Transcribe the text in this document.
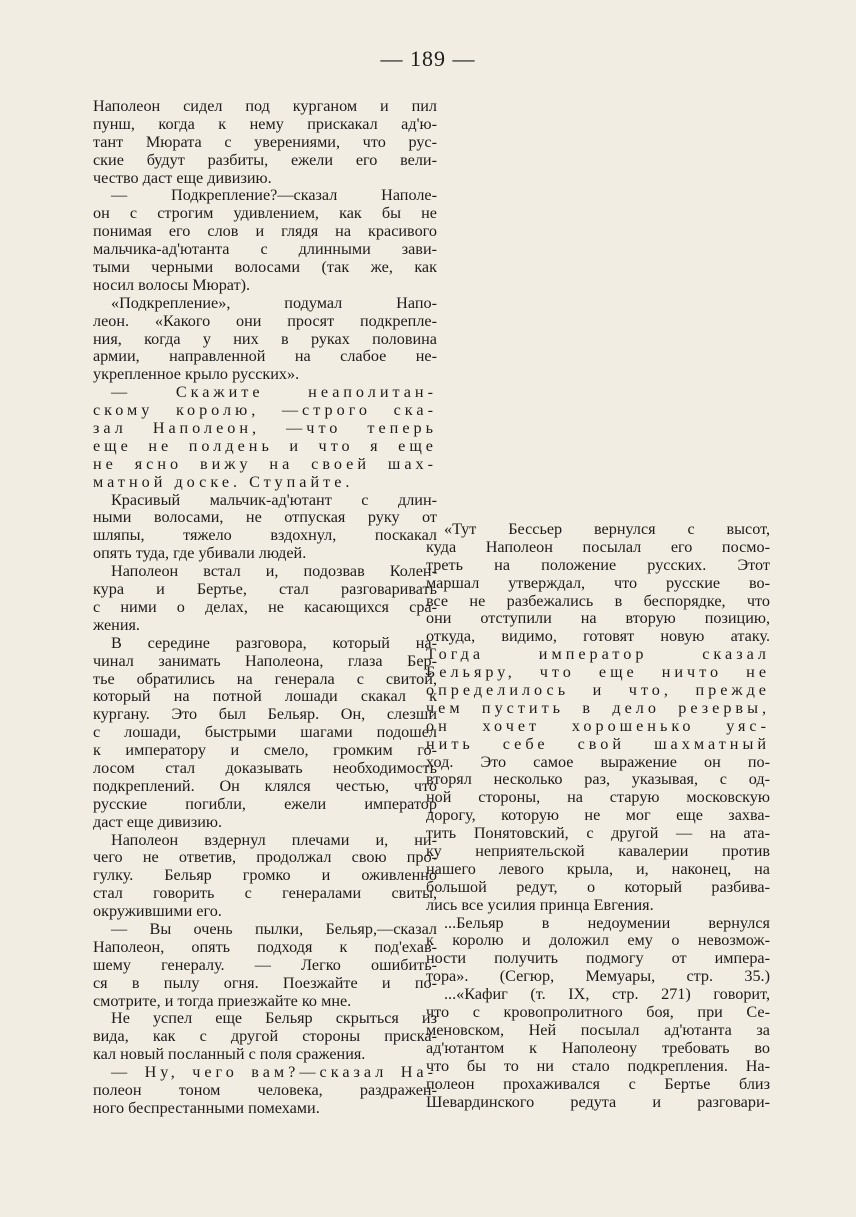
— 189 —
Наполеон сидел под курганом и пил
пунш, когда к нему прискакал ад'ю-
тант Мюрата с уверениями, что рус-
ские будут разбиты, ежели его вели-
чество даст еще дивизию.
— Подкрепление?—сказал Наполе-
он с строгим удивлением, как бы не
понимая его слов и глядя на красивого
мальчика-ад'ютанта с длинными зави-
тыми черными волосами (так же, как
носил волосы Мюрат).
«Подкрепление», подумал Напо-
леон. «Какого они просят подкрепле-
ния, когда у них в руках половина
армии, направленной на слабое не-
укрепленное крыло русских».
— Скажите неаполитан-
скому королю, —строго ска-
зал Наполеон, —что теперь
еще не полдень и что я еще
не ясно вижу на своей шах-
матной доске. Ступайте.
Красивый мальчик-ад'ютант с длин-
ными волосами, не отпуская руку от
шляпы, тяжело вздохнул, поскакал
опять туда, где убивали людей.
Наполеон встал и, подозвав Колен-
кура и Бертье, стал разговаривать
с ними о делах, не касающихся сра-
жения.
В середине разговора, который на-
чинал занимать Наполеона, глаза Бер-
тье обратились на генерала с свитой,
который на потной лошади скакал к
кургану. Это был Бельяр. Он, слезши
с лошади, быстрыми шагами подошел
к императору и смело, громким го-
лосом стал доказывать необходимость
подкреплений. Он клялся честью, что
русские погибли, ежели император
даст еще дивизию.
Наполеон вздернул плечами и, ни-
чего не ответив, продолжал свою про-
гулку. Бельяр громко и оживленно
стал говорить с генералами свиты,
окружившими его.
— Вы очень пылки, Бельяр,—сказал
Наполеон, опять подходя к под'ехав-
шему генералу. — Легко ошибить-
ся в пылу огня. Поезжайте и по-
смотрите, и тогда приезжайте ко мне.
Не успел еще Бельяр скрыться из
вида, как с другой стороны приска-
кал новый посланный с поля сражения.
— Ну, чего вам?—сказал На-
полеон тоном человека, раздражен-
ного беспрестанными помехами.
«Тут Бессьер вернулся с высот,
куда Наполеон посылал его посмо-
треть на положение русских. Этот
маршал утверждал, что русские во-
все не разбежались в беспорядке, что
они отступили на вторую позицию,
откуда, видимо, готовят новую атаку.
Тогда император сказал
Бельяру, что еще ничто не
определилось и что, прежде
чем пустить в дело резервы,
он хочет хорошенько уяс-
нить себе свой шахматный
ход. Это самое выражение он по-
вторял несколько раз, указывая, с од-
ной стороны, на старую московскую
дорогу, которую не мог еще захва-
тить Понятовский, с другой — на ата-
ку неприятельской кавалерии против
нашего левого крыла, и, наконец, на
большой редут, о который разбива-
лись все усилия принца Евгения.
...Бельяр в недоумении вернулся
к королю и доложил ему о невозмож-
ности получить подмогу от импера-
тора». (Сегюр, Мемуары, стр. 35.)
...«Кафиг (т. IX, стр. 271) говорит,
что с кровопролитного боя, при Се-
меновском, Ней посылал ад'ютанта за
ад'ютантом к Наполеону требовать во
что бы то ни стало подкрепления. На-
полеон прохаживался с Бертье близ
Шевардинского редута и разговари-
